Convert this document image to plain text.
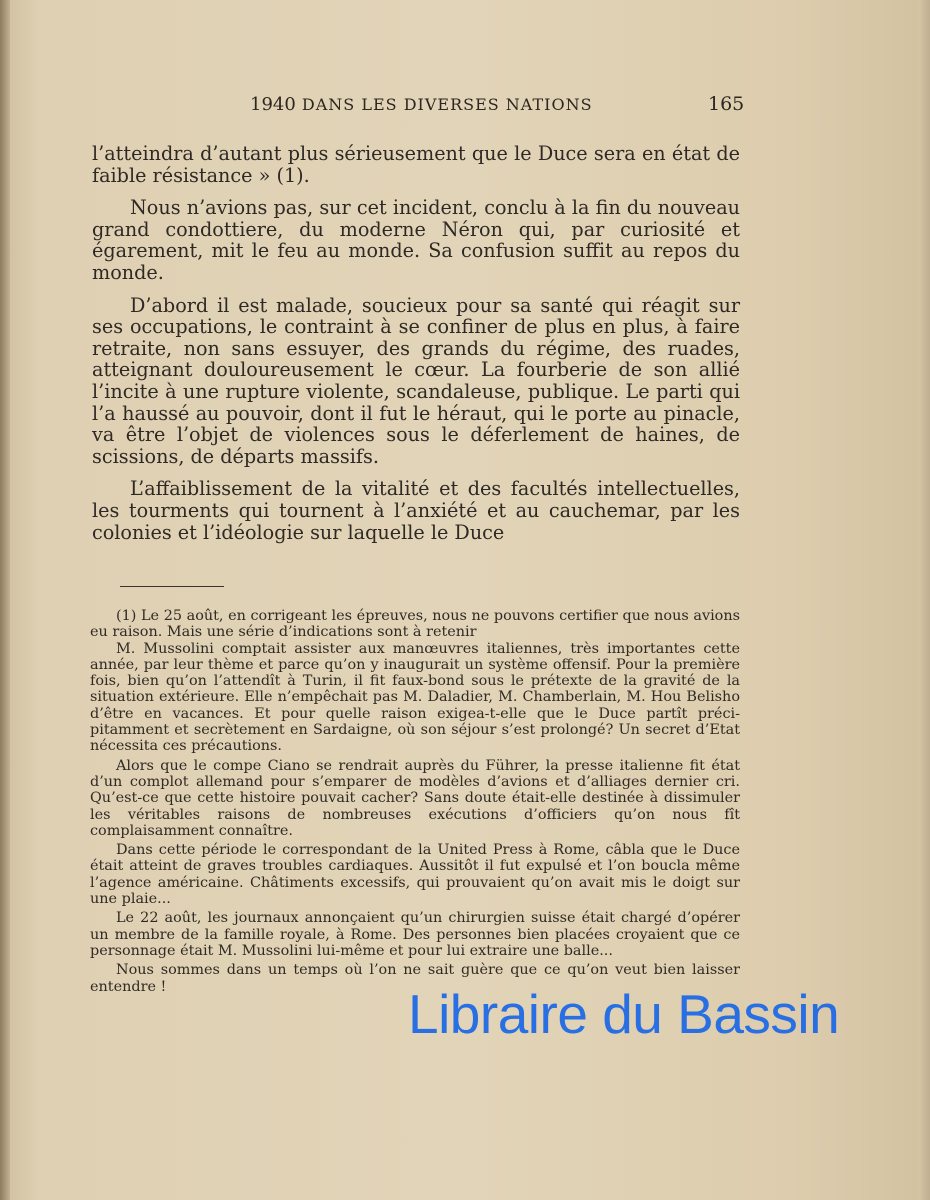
1940 DANS LES DIVERSES NATIONS	165

l’atteindra d’autant plus sérieusement que le Duce sera en état de faible résistance » (1).

Nous n’avions pas, sur cet incident, conclu à la fin du nouveau grand condottiere, du moderne Néron qui, par curiosité et égarement, mit le feu au monde. Sa confusion suffit au repos du monde.

D’abord il est malade, soucieux pour sa santé qui réagit sur ses occupations, le contraint à se confiner de plus en plus, à faire retraite, non sans essuyer, des grands du régime, des ruades, atteignant douloureusement le cœur. La fourberie de son allié l’incite à une rupture violente, scandaleuse, publique. Le parti qui l’a haussé au pouvoir, dont il fut le héraut, qui le porte au pinacle, va être l’objet de violences sous le déferlement de haines, de scissions, de départs massifs.

L’affaiblissement de la vitalité et des facultés intellectuelles, les tourments qui tournent à l’anxiété et au cauchemar, par les colonies et l’idéologie sur laquelle le Duce

(1) Le 25 août, en corrigeant les épreuves, nous ne pouvons certifier que nous avions eu raison. Mais une série d’indications sont à retenir

M. Mussolini comptait assister aux manœuvres italiennes, très importantes cette année, par leur thème et parce qu’on y inaugurait un système offensif. Pour la première fois, bien qu’on l’attendît à Turin, il fit faux-bond sous le prétexte de la gravité de la situation extérieure. Elle n’empêchait pas M. Daladier, M. Chamberlain, M. Hou Belisho d’être en vacances. Et pour quelle raison exigea-t-elle que le Duce partît précipitamment et secrètement en Sardaigne, où son séjour s’est prolongé? Un secret d’Etat nécessita ces précautions.

Alors que le compe Ciano se rendrait auprès du Führer, la presse italienne fit état d’un complot allemand pour s’emparer de modèles d’avions et d’alliages dernier cri. Qu’est-ce que cette histoire pouvait cacher? Sans doute était-elle destinée à dissimuler les véritables raisons de nombreuses exécutions d’officiers qu’on nous fît complaisamment connaître.

Dans cette période le correspondant de la United Press à Rome, câbla que le Duce était atteint de graves troubles cardiaques. Aussitôt il fut expulsé et l’on boucla même l’agence américaine. Châtiments excessifs, qui prouvaient qu’on avait mis le doigt sur une plaie...

Le 22 août, les journaux annonçaient qu’un chirurgien suisse était chargé d’opérer un membre de la famille royale, à Rome. Des personnes bien placées croyaient que ce personnage était M. Mussolini lui-même et pour lui extraire une balle...

Nous sommes dans un temps où l’on ne sait guère que ce qu’on veut bien laisser entendre !	Libraire du Bassin
